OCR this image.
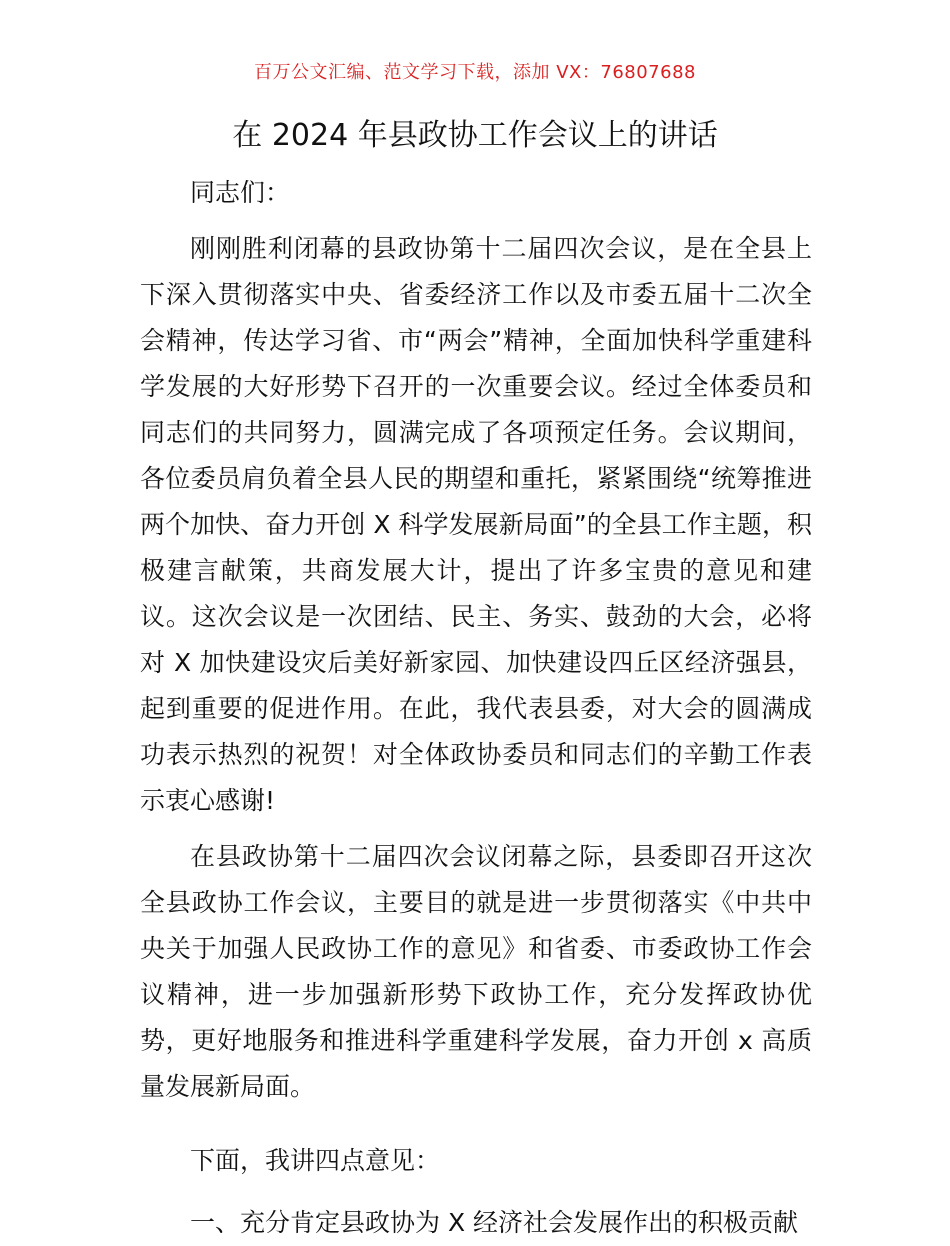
百万公文汇编、范文学习下载，添加 VX：76807688
在 2024 年县政协工作会议上的讲话

同志们：

刚刚胜利闭幕的县政协第十二届四次会议，是在全县上下深入贯彻落实中央、省委经济工作以及市委五届十二次全会精神，传达学习省、市“两会”精神，全面加快科学重建科学发展的大好形势下召开的一次重要会议。经过全体委员和同志们的共同努力，圆满完成了各项预定任务。会议期间，各位委员肩负着全县人民的期望和重托，紧紧围绕“统筹推进两个加快、奋力开创 X 科学发展新局面”的全县工作主题，积极建言献策，共商发展大计，提出了许多宝贵的意见和建议。这次会议是一次团结、民主、务实、鼓劲的大会，必将对 X 加快建设灾后美好新家园、加快建设四丘区经济强县，起到重要的促进作用。在此，我代表县委，对大会的圆满成功表示热烈的祝贺！对全体政协委员和同志们的辛勤工作表示衷心感谢!

在县政协第十二届四次会议闭幕之际，县委即召开这次全县政协工作会议，主要目的就是进一步贯彻落实《中共中央关于加强人民政协工作的意见》和省委、市委政协工作会议精神，进一步加强新形势下政协工作，充分发挥政协优势，更好地服务和推进科学重建科学发展，奋力开创 x 高质量发展新局面。

下面，我讲四点意见：

一、充分肯定县政协为 X 经济社会发展作出的积极贡献
